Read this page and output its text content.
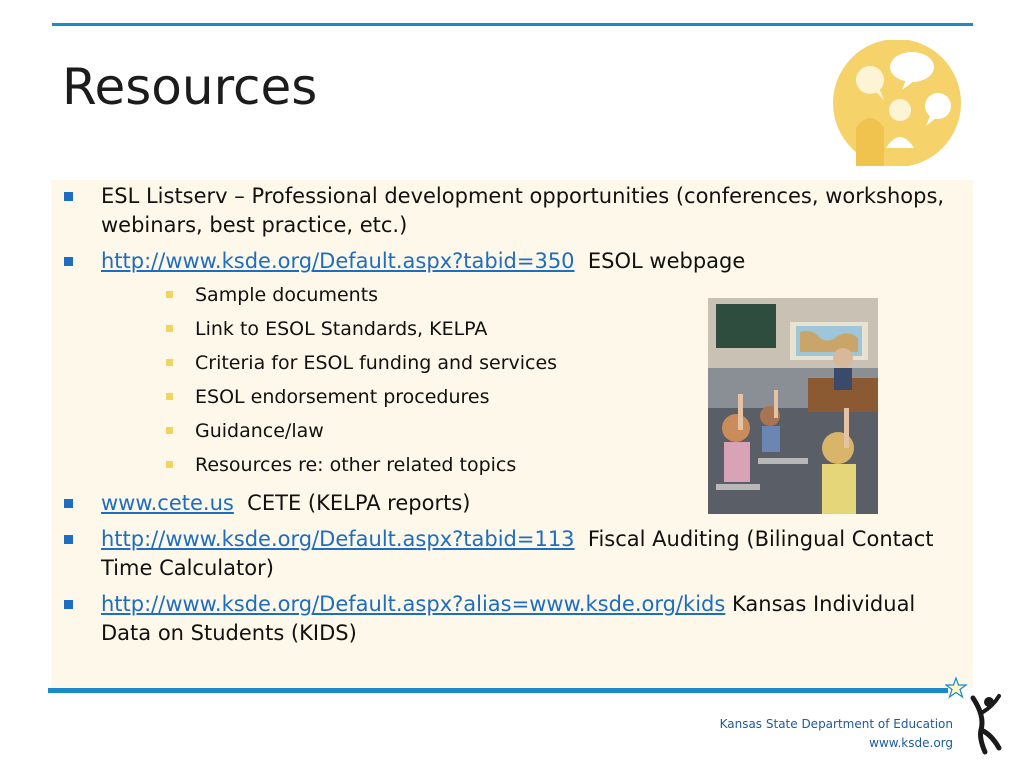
Resources
ESL Listserv – Professional development opportunities (conferences, workshops, webinars, best practice, etc.)
http://www.ksde.org/Default.aspx?tabid=350  ESOL webpage
Sample documents
Link to ESOL Standards, KELPA
Criteria for ESOL funding and services
ESOL endorsement procedures
Guidance/law
Resources re: other related topics
www.cete.us  CETE (KELPA reports)
http://www.ksde.org/Default.aspx?tabid=113  Fiscal Auditing (Bilingual Contact Time Calculator)
http://www.ksde.org/Default.aspx?alias=www.ksde.org/kids Kansas Individual Data on Students (KIDS)
Kansas State Department of Education
www.ksde.org
